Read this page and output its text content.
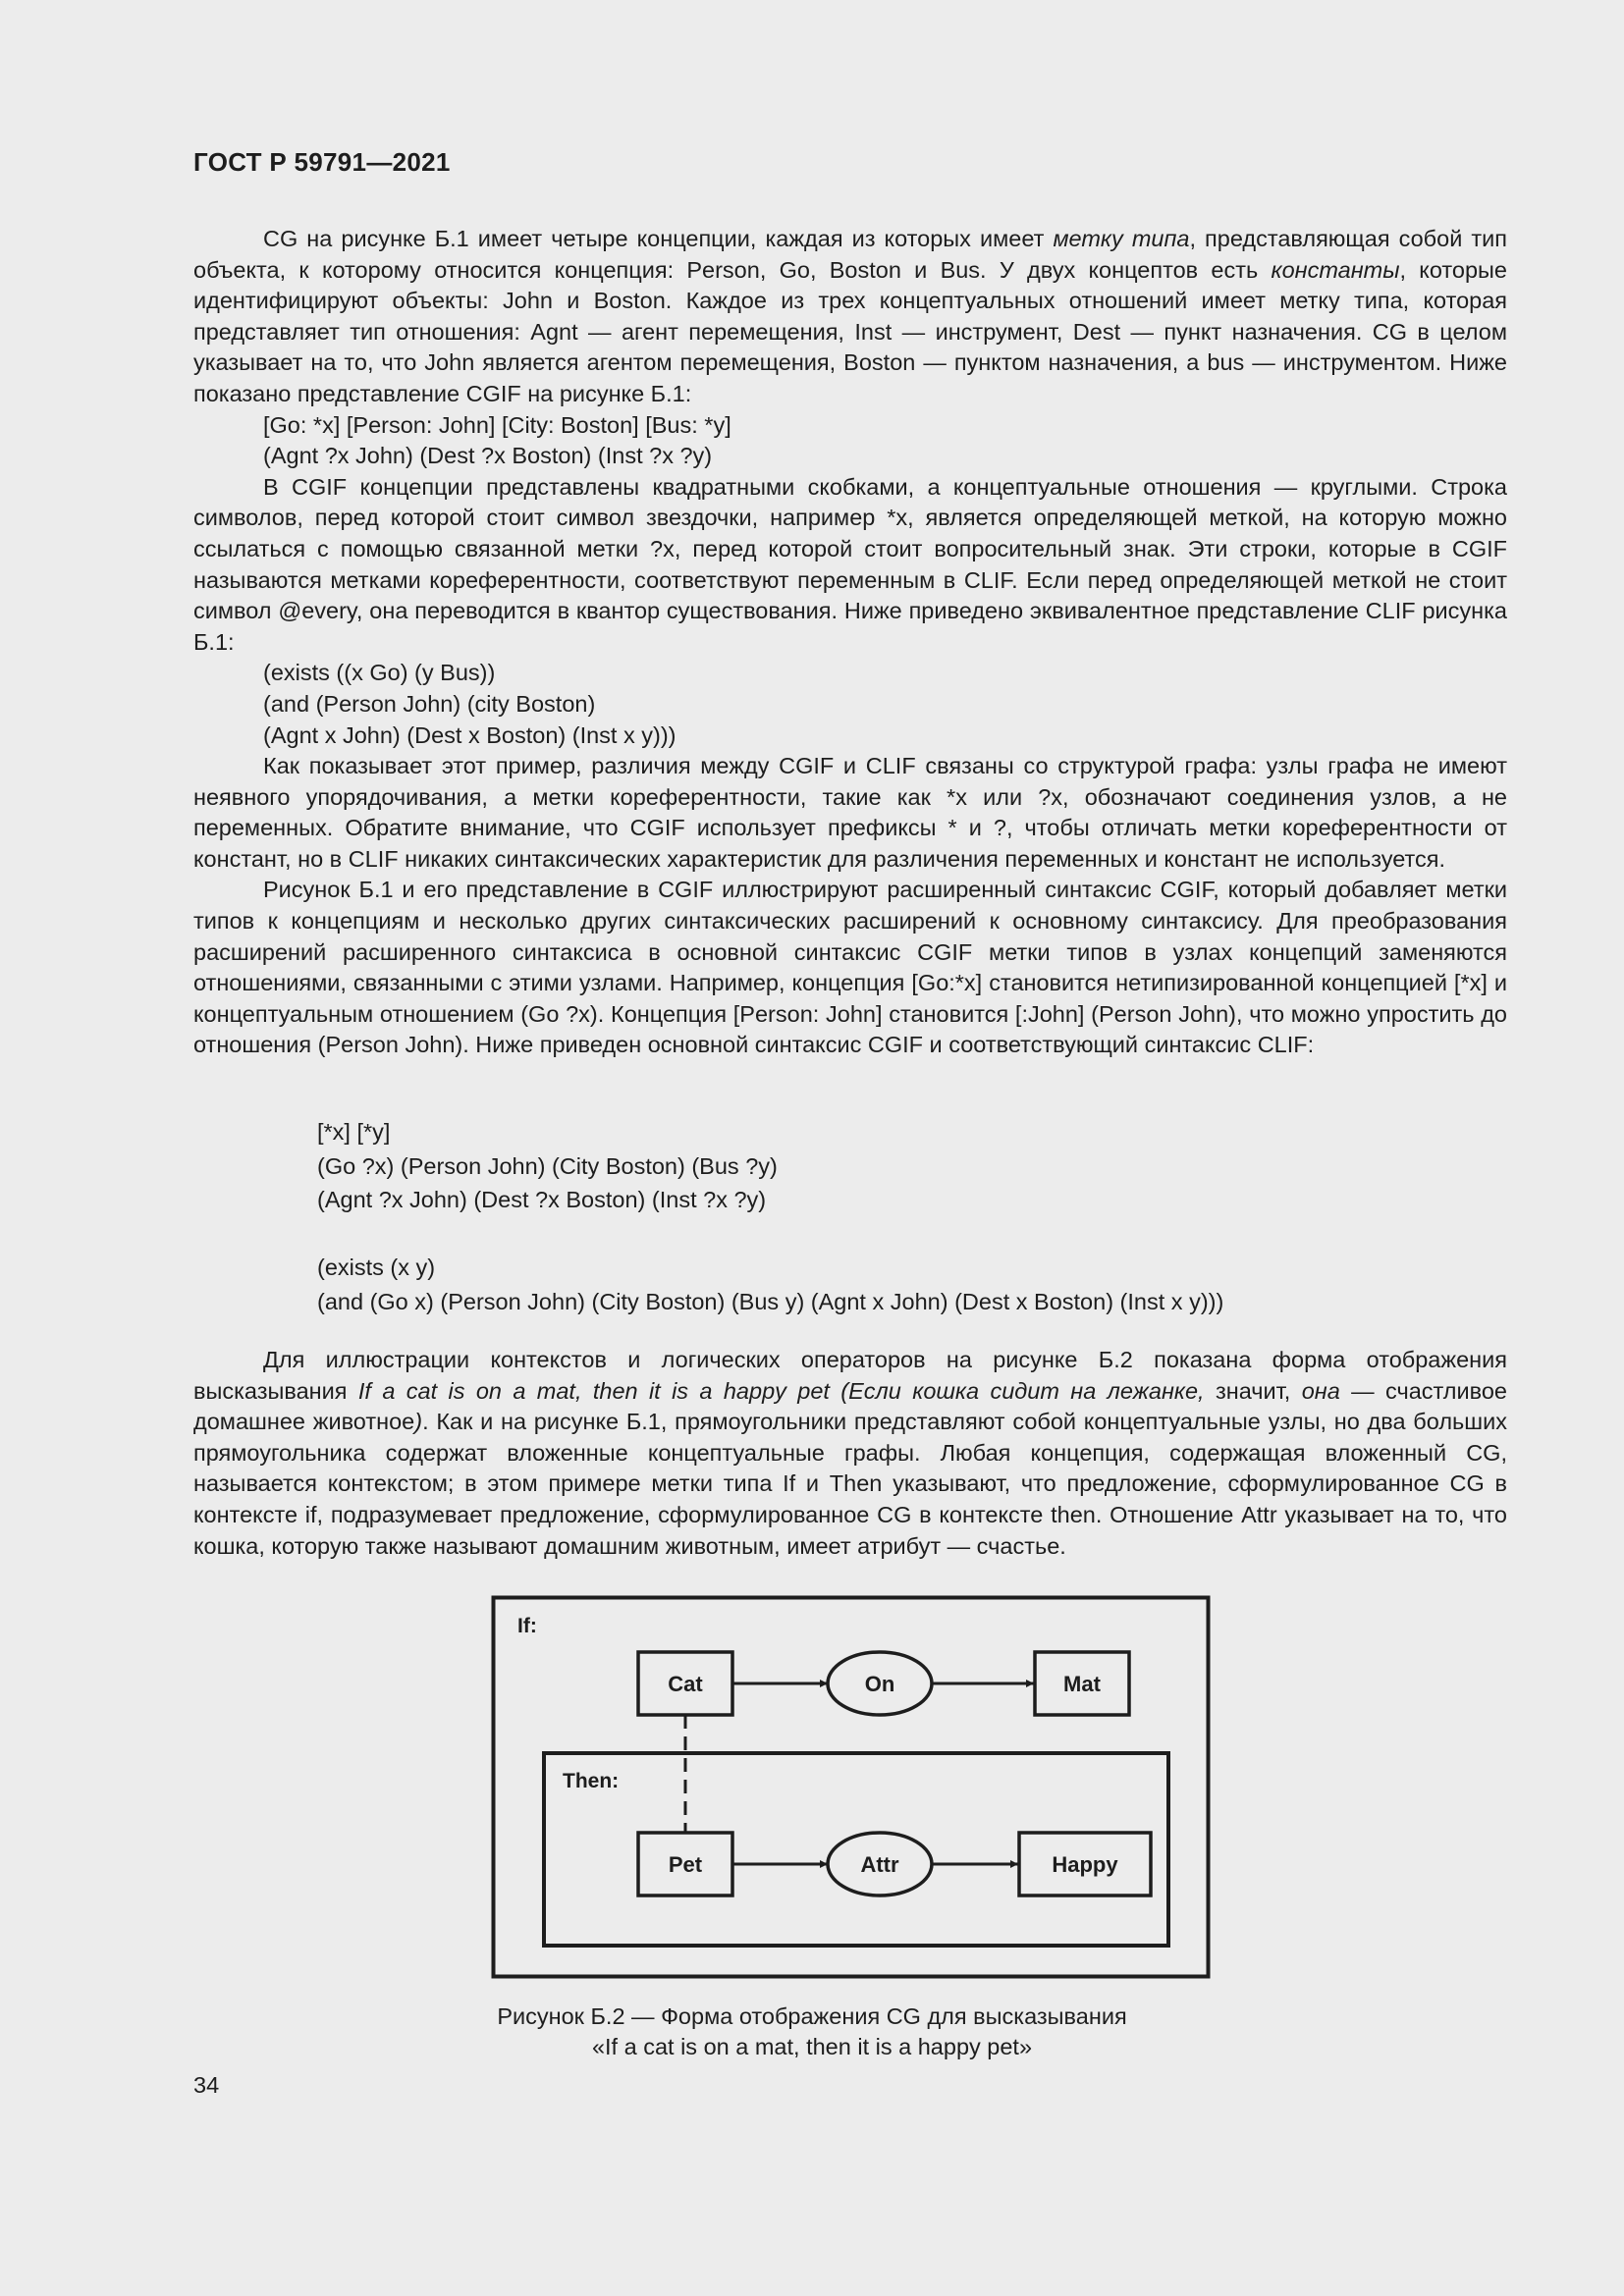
ГОСТ Р 59791—2021

CG на рисунке Б.1 имеет четыре концепции, каждая из которых имеет метку типа, представляющая собой тип объекта, к которому относится концепция: Person, Go, Boston и Bus. У двух концептов есть константы, которые идентифицируют объекты: John и Boston. Каждое из трех концептуальных отношений имеет метку типа, которая представляет тип отношения: Agnt — агент перемещения, Inst — инструмент, Dest — пункт назначения. CG в целом указывает на то, что John является агентом перемещения, Boston — пунктом назначения, а bus — инструментом. Ниже показано представление CGIF на рисунке Б.1:

[Go: *x] [Person: John] [City: Boston] [Bus: *y]

(Agnt ?x John) (Dest ?x Boston) (Inst ?x ?y)

В CGIF концепции представлены квадратными скобками, а концептуальные отношения — круглыми. Строка символов, перед которой стоит символ звездочки, например *x, является определяющей меткой, на которую можно ссылаться с помощью связанной метки ?x, перед которой стоит вопросительный знак. Эти строки, которые в CGIF называются метками кореферентности, соответствуют переменным в CLIF. Если перед определяющей меткой не стоит символ @every, она переводится в квантор существования. Ниже приведено эквивалентное представление CLIF рисунка Б.1:

(exists ((x Go) (y Bus))

(and (Person John) (city Boston)

(Agnt x John) (Dest x Boston) (Inst x y)))

Как показывает этот пример, различия между CGIF и CLIF связаны со структурой графа: узлы графа не имеют неявного упорядочивания, а метки кореферентности, такие как *x или ?x, обозначают соединения узлов, а не переменных. Обратите внимание, что CGIF использует префиксы * и ?, чтобы отличать метки кореферентности от констант, но в CLIF никаких синтаксических характеристик для различения переменных и констант не используется.

Рисунок Б.1 и его представление в CGIF иллюстрируют расширенный синтаксис CGIF, который добавляет метки типов к концепциям и несколько других синтаксических расширений к основному синтаксису. Для преобразования расширений расширенного синтаксиса в основной синтаксис CGIF метки типов в узлах концепций заменяются отношениями, связанными с этими узлами. Например, концепция [Go:*x] становится нетипизированной концепцией [*x] и концептуальным отношением (Go ?x). Концепция [Person: John] становится [:John] (Person John), что можно упростить до отношения (Person John). Ниже приведен основной синтаксис CGIF и соответствующий синтаксис CLIF:

[*x] [*y]
(Go ?x) (Person John) (City Boston) (Bus ?y)
(Agnt ?x John) (Dest ?x Boston) (Inst ?x ?y)
(exists (x y)
(and (Go x) (Person John) (City Boston) (Bus y) (Agnt x John) (Dest x Boston) (Inst x y)))

Для иллюстрации контекстов и логических операторов на рисунке Б.2 показана форма отображения высказывания If a cat is on a mat, then it is a happy pet (Если кошка сидит на лежанке, значит, она — счастливое домашнее животное). Как и на рисунке Б.1, прямоугольники представляют собой концептуальные узлы, но два больших прямоугольника содержат вложенные концептуальные графы. Любая концепция, содержащая вложенный CG, называется контекстом; в этом примере метки типа If и Then указывают, что предложение, сформулированное CG в контексте if, подразумевает предложение, сформулированное CG в контексте then. Отношение Attr указывает на то, что кошка, которую также называют домашним животным, имеет атрибут — счастье.

If:
Then:
Cat	On	Mat
Pet	Attr	Happy
Рисунок Б.2 — Форма отображения CG для высказывания
«If a cat is on a mat, then it is a happy pet»
34
